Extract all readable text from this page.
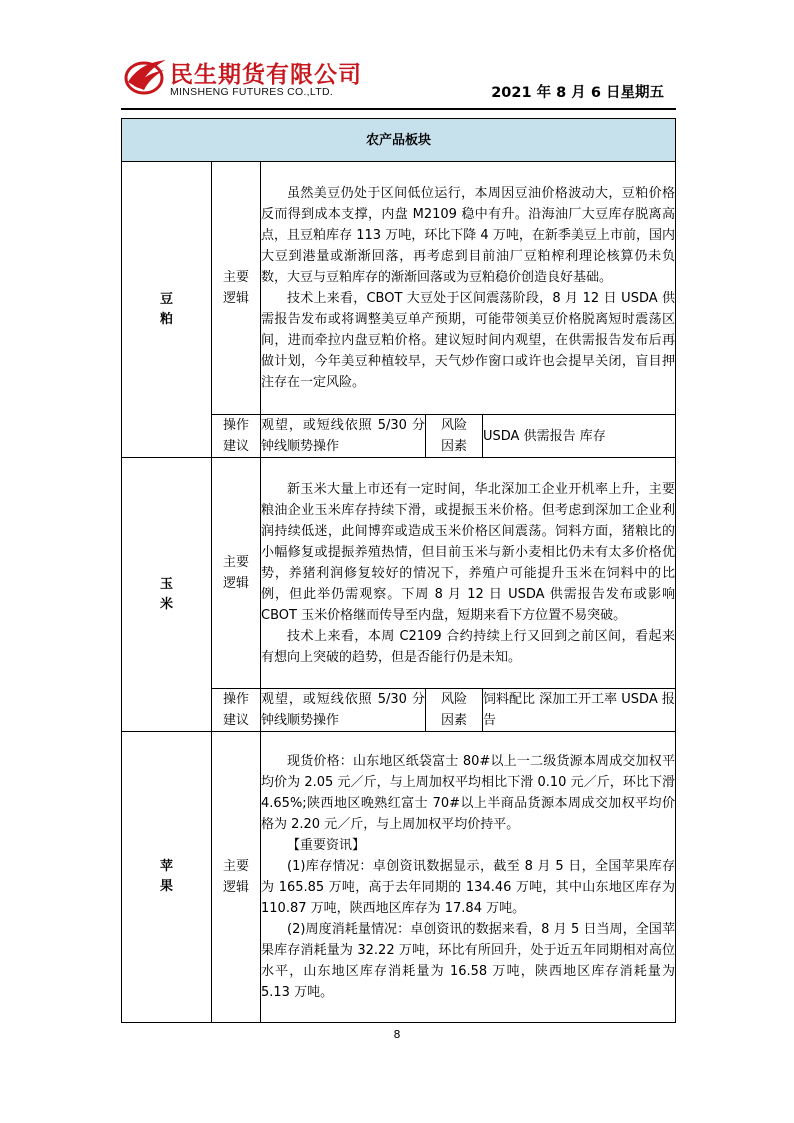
民生期货有限公司
MINSHENG FUTURES CO.,LTD.	2021 年 8 月 6 日星期五
农产品板块				
豆粕	主要逻辑	虽然美豆仍处于区间低位运行，本周因豆油价格波动大，豆粕价格反而得到成本支撑，内盘 M2109 稳中有升。沿海油厂大豆库存脱离高点，且豆粕库存 113 万吨，环比下降 4 万吨，在新季美豆上市前，国内大豆到港量或渐渐回落，再考虑到目前油厂豆粕榨利理论核算仍未负数，大豆与豆粕库存的渐渐回落或为豆粕稳价创造良好基础。

技术上来看，CBOT 大豆处于区间震荡阶段，8 月 12 日 USDA 供需报告发布或将调整美豆单产预期，可能带领美豆价格脱离短时震荡区间，进而牵拉内盘豆粕价格。建议短时间内观望，在供需报告发布后再做计划，今年美豆种植较早，天气炒作窗口或许也会提早关闭，盲目押注存在一定风险。		

	操作建议	观望，或短线依照 5/30 分钟线顺势操作	风险因素	USDA 供需报告 库存
玉米	主要逻辑	新玉米大量上市还有一定时间，华北深加工企业开机率上升，主要粮油企业玉米库存持续下滑，或提振玉米价格。但考虑到深加工企业利润持续低迷，此间博弈或造成玉米价格区间震荡。饲料方面，猪粮比的小幅修复或提振养殖热情，但目前玉米与新小麦相比仍未有太多价格优势，养猪利润修复较好的情况下，养殖户可能提升玉米在饲料中的比例，但此举仍需观察。下周 8 月 12 日 USDA 供需报告发布或影响 CBOT 玉米价格继而传导至内盘，短期来看下方位置不易突破。

技术上来看，本周 C2109 合约持续上行又回到之前区间，看起来有想向上突破的趋势，但是否能行仍是未知。		

	操作建议	观望，或短线依照 5/30 分钟线顺势操作	风险因素	饲料配比 深加工开工率 USDA 报告
苹果	主要逻辑	现货价格：山东地区纸袋富士 80#以上一二级货源本周成交加权平均价为 2.05 元／斤，与上周加权平均相比下滑 0.10 元／斤，环比下滑 4.65%;陕西地区晚熟红富士 70#以上半商品货源本周成交加权平均价格为 2.20 元／斤，与上周加权平均价持平。

【重要资讯】

(1)库存情况：卓创资讯数据显示，截至 8 月 5 日，全国苹果库存为 165.85 万吨，高于去年同期的 134.46 万吨，其中山东地区库存为 110.87 万吨，陕西地区库存为 17.84 万吨。

(2)周度消耗量情况：卓创资讯的数据来看，8 月 5 日当周，全国苹果库存消耗量为 32.22 万吨，环比有所回升，处于近五年同期相对高位水平，山东地区库存消耗量为 16.58 万吨，陕西地区库存消耗量为 5.13 万吨。		

8
